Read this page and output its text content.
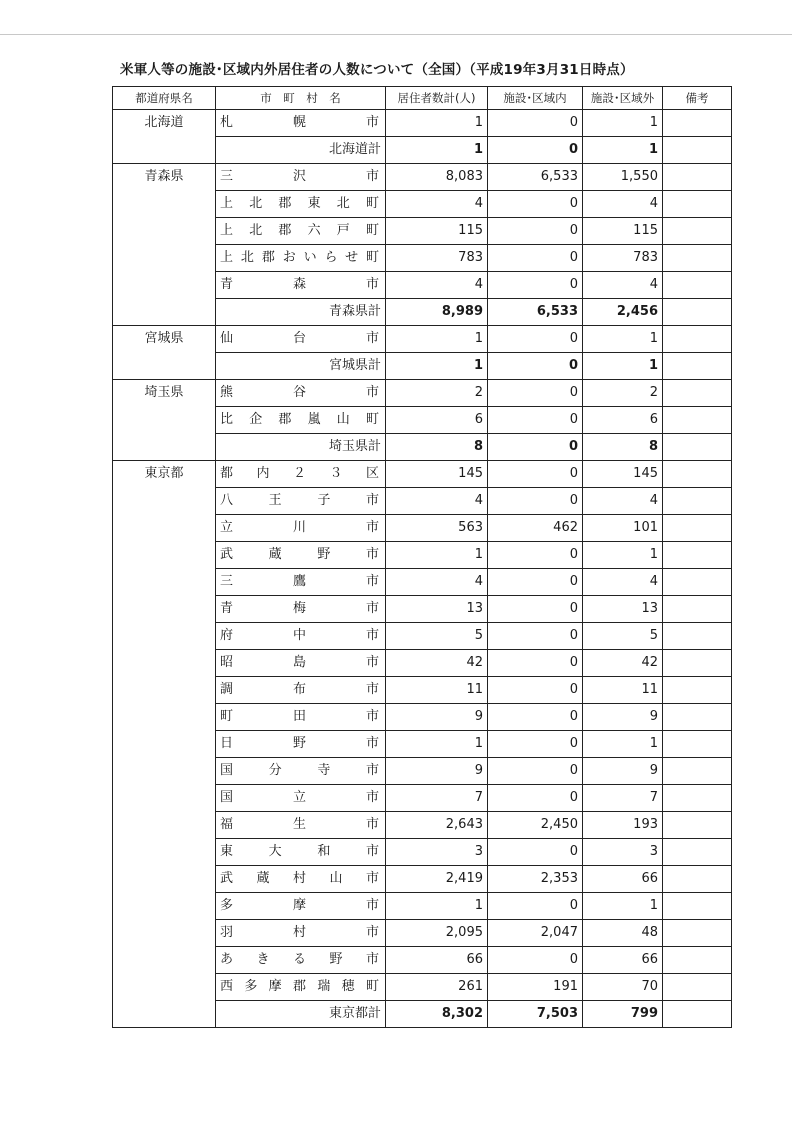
米軍人等の施設･区域内外居住者の人数について（全国）（平成19年3月31日時点）
都道府県名	市　町　村　名	居住者数計(人)	施設･区域内	施設･区域外	備考
北海道	札幌市	1	0	1	
	北海道計	1	0	1	
青森県	三沢市	8,083	6,533	1,550	
	上北郡東北町	4	0	4	
	上北郡六戸町	115	0	115	
	上北郡おいらせ町	783	0	783	
	青森市	4	0	4	
	青森県計	8,989	6,533	2,456	
宮城県	仙台市	1	0	1	
	宮城県計	1	0	1	
埼玉県	熊谷市	2	0	2	
	比企郡嵐山町	6	0	6	
	埼玉県計	8	0	8	
東京都	都内２３区	145	0	145	
	八王子市	4	0	4	
	立川市	563	462	101	
	武蔵野市	1	0	1	
	三鷹市	4	0	4	
	青梅市	13	0	13	
	府中市	5	0	5	
	昭島市	42	0	42	
	調布市	11	0	11	
	町田市	9	0	9	
	日野市	1	0	1	
	国分寺市	9	0	9	
	国立市	7	0	7	
	福生市	2,643	2,450	193	
	東大和市	3	0	3	
	武蔵村山市	2,419	2,353	66	
	多摩市	1	0	1	
	羽村市	2,095	2,047	48	
	あきる野市	66	0	66	
	西多摩郡瑞穂町	261	191	70	
	東京都計	8,302	7,503	799	
